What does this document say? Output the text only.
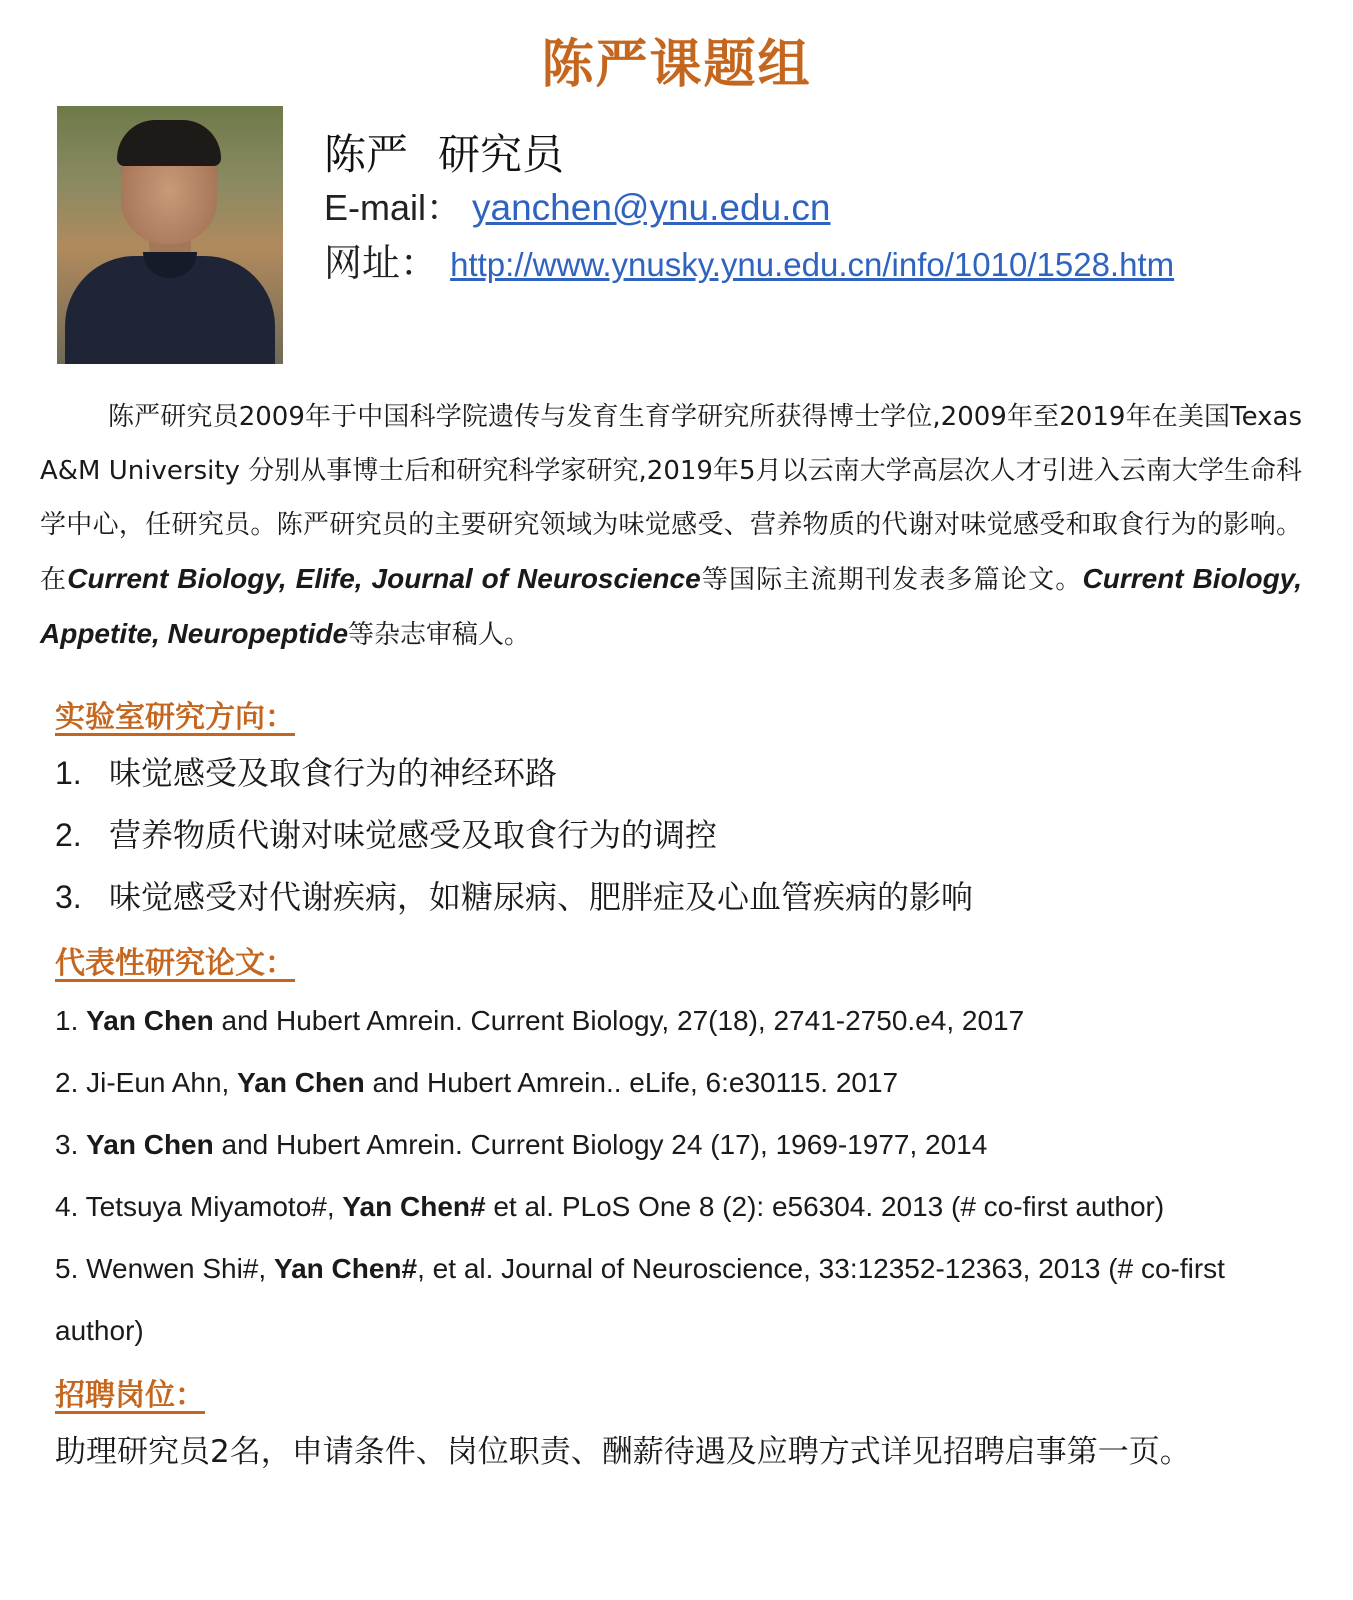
陈严课题组
陈严 研究员
E-mail： yanchen@ynu.edu.cn
网址： http://www.ynusky.ynu.edu.cn/info/1010/1528.htm

陈严研究员2009年于中国科学院遗传与发育生育学研究所获得博士学位,2009年至2019年在美国Texas A&M University 分别从事博士后和研究科学家研究,2019年5月以云南大学高层次人才引进入云南大学生命科学中心，任研究员。陈严研究员的主要研究领域为味觉感受、营养物质的代谢对味觉感受和取食行为的影响。在Current Biology, Elife, Journal of Neuroscience等国际主流期刊发表多篇论文。Current Biology, Appetite, Neuropeptide等杂志审稿人。

实验室研究方向：
1. 味觉感受及取食行为的神经环路
2. 营养物质代谢对味觉感受及取食行为的调控
3. 味觉感受对代谢疾病，如糖尿病、肥胖症及心血管疾病的影响
代表性研究论文：
1. Yan Chen and Hubert Amrein. Current Biology, 27(18), 2741-2750.e4, 2017
2. Ji-Eun Ahn, Yan Chen and Hubert Amrein.. eLife, 6:e30115. 2017
3. Yan Chen and Hubert Amrein. Current Biology 24 (17), 1969-1977, 2014
4. Tetsuya Miyamoto#, Yan Chen# et al. PLoS One 8 (2): e56304. 2013 (# co-first author)
5. Wenwen Shi#, Yan Chen#, et al. Journal of Neuroscience, 33:12352-12363, 2013 (# co-first author)
招聘岗位：
助理研究员2名，申请条件、岗位职责、酬薪待遇及应聘方式详见招聘启事第一页。
